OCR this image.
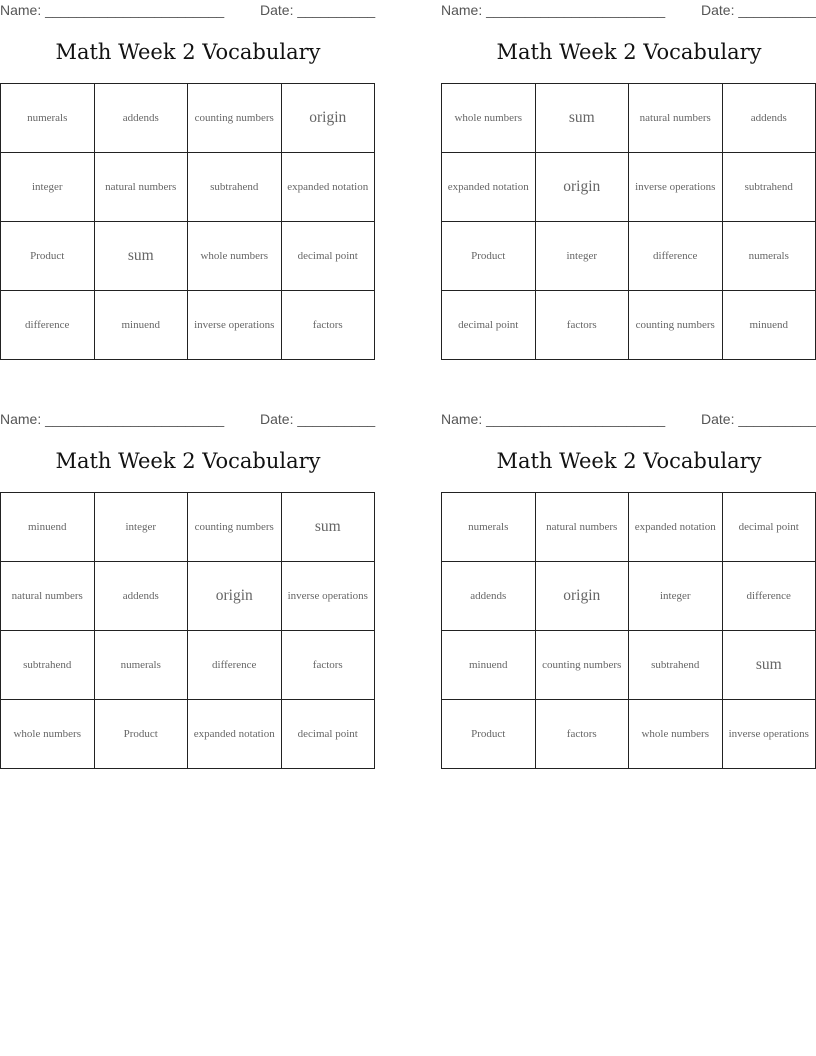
Name: _______________________	Date: __________
Math Week 2 Vocabulary
numerals	addends	counting numbers	origin
integer	natural numbers	subtrahend	expanded notation
Product	sum	whole numbers	decimal point
difference	minuend	inverse operations	factors
Name: _______________________	Date: __________
Math Week 2 Vocabulary
whole numbers	sum	natural numbers	addends
expanded notation	origin	inverse operations	subtrahend
Product	integer	difference	numerals
decimal point	factors	counting numbers	minuend
Name: _______________________	Date: __________
Math Week 2 Vocabulary
minuend	integer	counting numbers	sum
natural numbers	addends	origin	inverse operations
subtrahend	numerals	difference	factors
whole numbers	Product	expanded notation	decimal point
Name: _______________________	Date: __________
Math Week 2 Vocabulary
numerals	natural numbers	expanded notation	decimal point
addends	origin	integer	difference
minuend	counting numbers	subtrahend	sum
Product	factors	whole numbers	inverse operations
